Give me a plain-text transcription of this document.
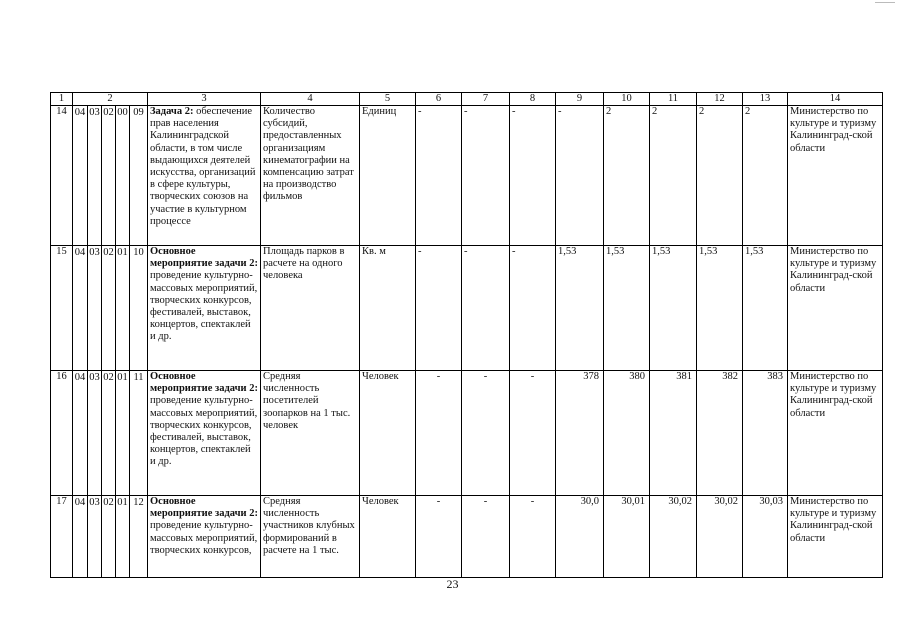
1	2					3	4	5	6	7	8	9	10	11	12	13	14
14	04	03	02	00	09	Задача 2: обеспечение прав населения Калининградской области, в том числе выдающихся деятелей искусства, организаций в сфере культуры, творческих союзов на участие в культурном процессе	Количество субсидий, предоставленных организациям кинематографии на компенсацию затрат на производство фильмов	Единиц	-	-	-	-	2	2	2	2	Министерство по культуре и туризму Калининград-ской области
15	04	03	02	01	10	Основное мероприятие задачи 2: проведение культурно-массовых мероприятий, творческих конкурсов, фестивалей, выставок, концертов, спектаклей и др.	Площадь парков в расчете на одного человека	Кв. м	-	-	-	1,53	1,53	1,53	1,53	1,53	Министерство по культуре и туризму Калининград-ской области
16	04	03	02	01	11	Основное мероприятие задачи 2: проведение культурно-массовых мероприятий, творческих конкурсов, фестивалей, выставок, концертов, спектаклей и др.	Средняя численность посетителей зоопарков на 1 тыс. человек	Человек	-	-	-	378	380	381	382	383	Министерство по культуре и туризму Калининград-ской области
17	04	03	02	01	12	Основное мероприятие задачи 2: проведение культурно-массовых мероприятий, творческих конкурсов,	Средняя численность участников клубных формирований в расчете на 1 тыс.	Человек	-	-	-	30,0	30,01	30,02	30,02	30,03	Министерство по культуре и туризму Калининград-ской области
23
